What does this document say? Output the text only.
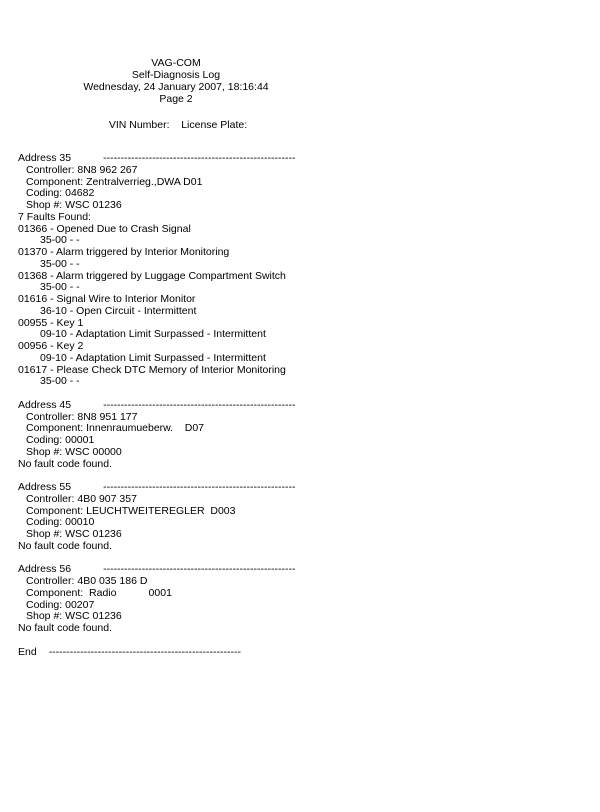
VAG-COM
Self-Diagnosis Log
Wednesday, 24 January 2007, 18:16:44
Page 2
VIN Number:    License Plate:
Address 35	-------------------------------------------------------
Controller: 8N8 962 267
Component: Zentralverrieg.,DWA D01
Coding: 04682
Shop #: WSC 01236
7 Faults Found:
01366 - Opened Due to Crash Signal
35-00 - -
01370 - Alarm triggered by Interior Monitoring
35-00 - -
01368 - Alarm triggered by Luggage Compartment Switch
35-00 - -
01616 - Signal Wire to Interior Monitor
36-10 - Open Circuit - Intermittent
00955 - Key 1
09-10 - Adaptation Limit Surpassed - Intermittent
00956 - Key 2
09-10 - Adaptation Limit Surpassed - Intermittent
01617 - Please Check DTC Memory of Interior Monitoring
35-00 - -
Address 45	-------------------------------------------------------
Controller: 8N8 951 177
Component: Innenraumueberw.    D07
Coding: 00001
Shop #: WSC 00000
No fault code found.
Address 55	-------------------------------------------------------
Controller: 4B0 907 357
Component: LEUCHTWEITEREGLER  D003
Coding: 00010
Shop #: WSC 01236
No fault code found.
Address 56	-------------------------------------------------------
Controller: 4B0 035 186 D
Component:  Radio           0001
Coding: 00207
Shop #: WSC 01236
No fault code found.
End -------------------------------------------------------
